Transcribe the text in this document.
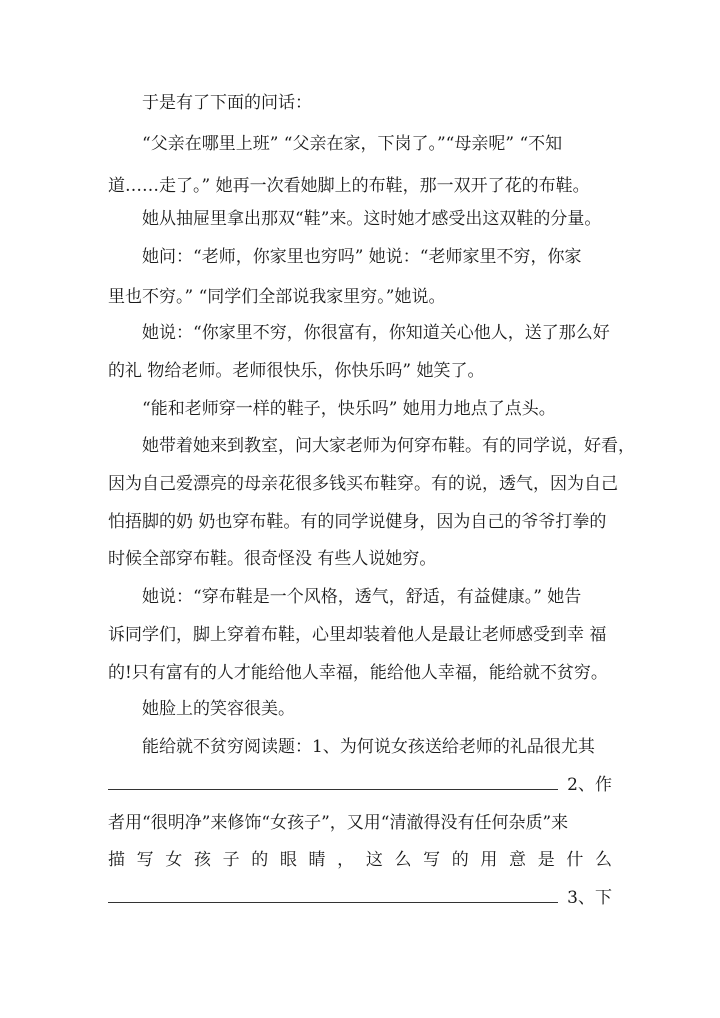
于是有了下面的问话：
“父亲在哪里上班” “父亲在家，下岗了。”“母亲呢” “不知
道……走了。” 她再一次看她脚上的布鞋，那一双开了花的布鞋。
她从抽屉里拿出那双“鞋”来。这时她才感受出这双鞋的分量。
她问：“老师，你家里也穷吗” 她说：“老师家里不穷，你家
里也不穷。” “同学们全部说我家里穷。”她说。
她说：“你家里不穷，你很富有，你知道关心他人，送了那么好
的礼 物给老师。老师很快乐，你快乐吗” 她笑了。
“能和老师穿一样的鞋子，快乐吗” 她用力地点了点头。
她带着她来到教室，问大家老师为何穿布鞋。有的同学说，好看，
因为自己爱漂亮的母亲花很多钱买布鞋穿。有的说，透气，因为自己
怕捂脚的奶 奶也穿布鞋。有的同学说健身，因为自己的爷爷打拳的
时候全部穿布鞋。很奇怪没 有些人说她穷。
她说：“穿布鞋是一个风格，透气，舒适，有益健康。” 她告
诉同学们，脚上穿着布鞋，心里却装着他人是最让老师感受到幸 福
的!只有富有的人才能给他人幸福，能给他人幸福，能给就不贫穷。
她脸上的笑容很美。
能给就不贫穷阅读题：1、为何说女孩送给老师的礼品很尤其
2、作
者用“很明净”来修饰“女孩子”，又用“清澈得没有任何杂质”来
描 写 女 孩 子 的 眼 睛 ， 这 么 写 的 用 意 是 什 么
3、下
